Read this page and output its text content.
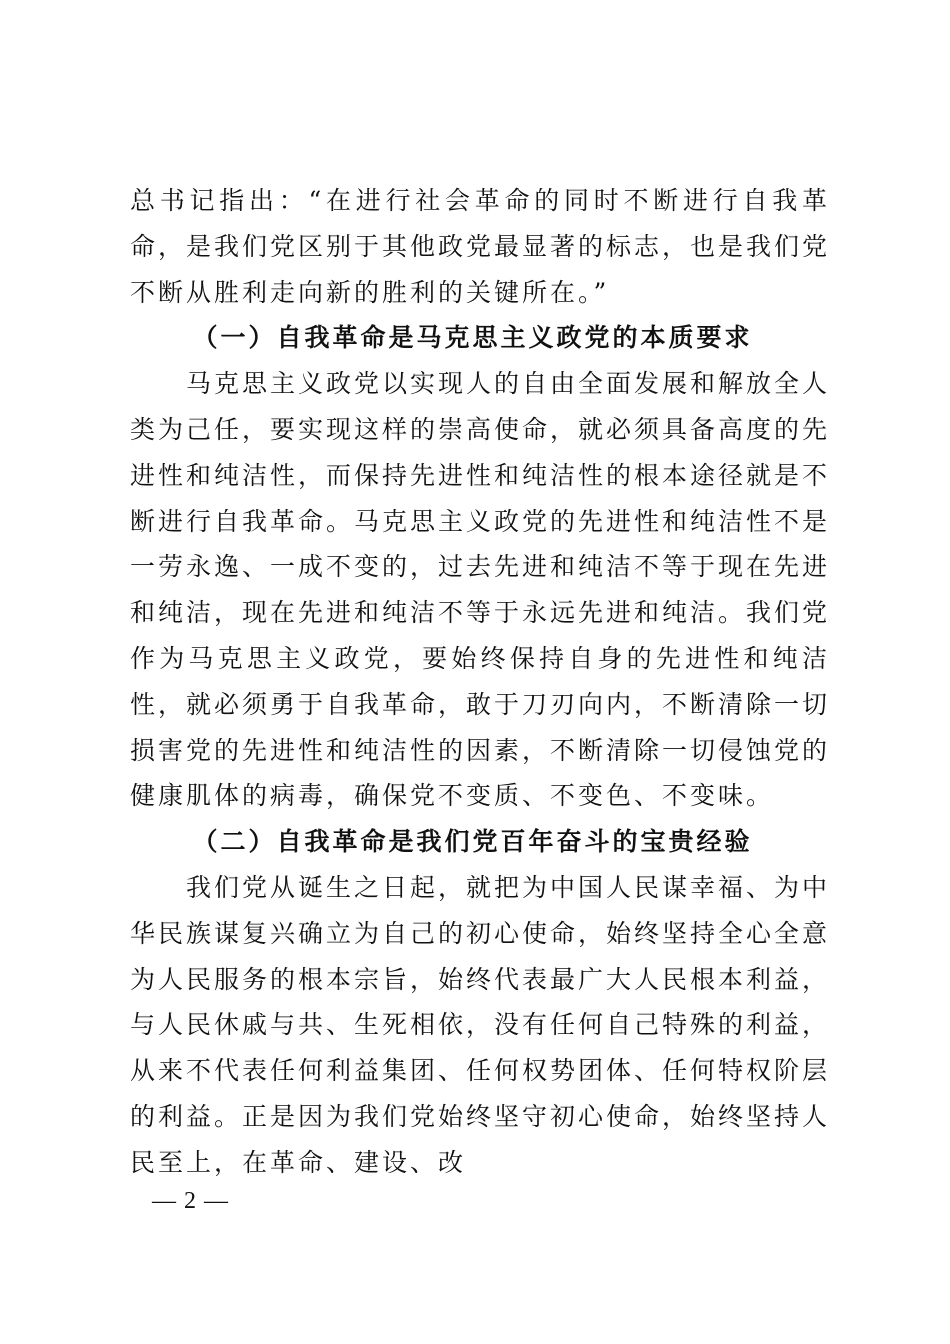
总书记指出：“在进行社会革命的同时不断进行自我革命，是我们党区别于其他政党最显著的标志，也是我们党不断从胜利走向新的胜利的关键所在。”

（一）自我革命是马克思主义政党的本质要求

马克思主义政党以实现人的自由全面发展和解放全人类为己任，要实现这样的崇高使命，就必须具备高度的先进性和纯洁性，而保持先进性和纯洁性的根本途径就是不断进行自我革命。马克思主义政党的先进性和纯洁性不是一劳永逸、一成不变的，过去先进和纯洁不等于现在先进和纯洁，现在先进和纯洁不等于永远先进和纯洁。我们党作为马克思主义政党，要始终保持自身的先进性和纯洁性，就必须勇于自我革命，敢于刀刃向内，不断清除一切损害党的先进性和纯洁性的因素，不断清除一切侵蚀党的健康肌体的病毒，确保党不变质、不变色、不变味。

（二）自我革命是我们党百年奋斗的宝贵经验

我们党从诞生之日起，就把为中国人民谋幸福、为中华民族谋复兴确立为自己的初心使命，始终坚持全心全意为人民服务的根本宗旨，始终代表最广大人民根本利益，与人民休戚与共、生死相依，没有任何自己特殊的利益，从来不代表任何利益集团、任何权势团体、任何特权阶层的利益。正是因为我们党始终坚守初心使命，始终坚持人民至上，在革命、建设、改

— 2 —
